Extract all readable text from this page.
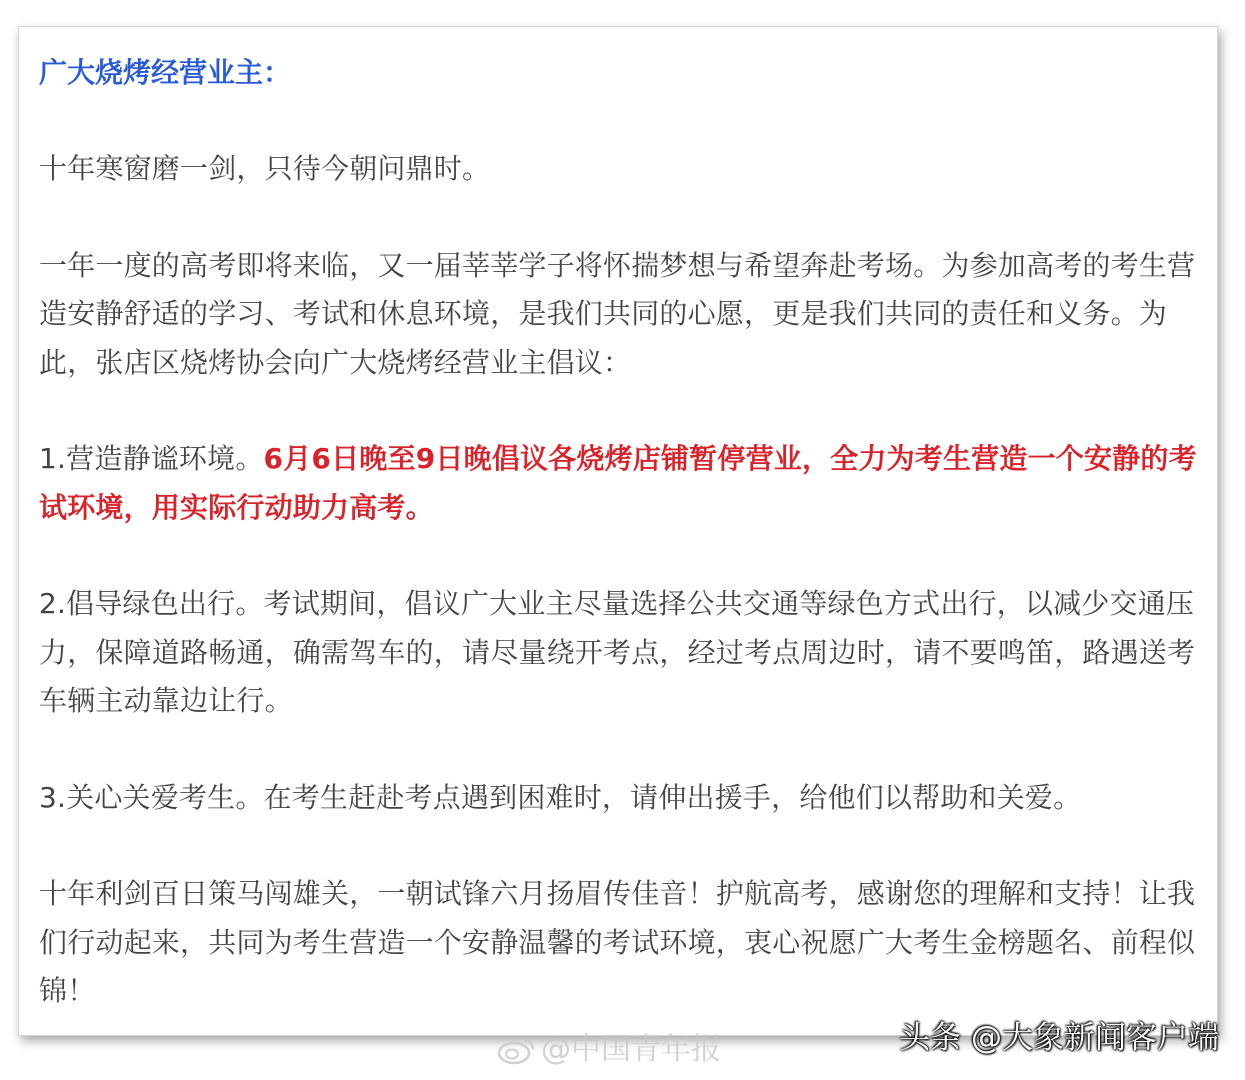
广大烧烤经营业主：

十年寒窗磨一剑，只待今朝问鼎时。

一年一度的高考即将来临，又一届莘莘学子将怀揣梦想与希望奔赴考场。为参加高考的考生营造安静舒适的学习、考试和休息环境，是我们共同的心愿，更是我们共同的责任和义务。为此，张店区烧烤协会向广大烧烤经营业主倡议：

1.营造静谧环境。6月6日晚至9日晚倡议各烧烤店铺暂停营业，全力为考生营造一个安静的考试环境，用实际行动助力高考。

2.倡导绿色出行。考试期间，倡议广大业主尽量选择公共交通等绿色方式出行，以减少交通压力，保障道路畅通，确需驾车的，请尽量绕开考点，经过考点周边时，请不要鸣笛，路遇送考车辆主动靠边让行。

3.关心关爱考生。在考生赶赴考点遇到困难时，请伸出援手，给他们以帮助和关爱。

十年利剑百日策马闯雄关，一朝试锋六月扬眉传佳音！护航高考，感谢您的理解和支持！让我们行动起来，共同为考生营造一个安静温馨的考试环境，衷心祝愿广大考生金榜题名、前程似锦！

@中国青年报	头条 @大象新闻客户端
